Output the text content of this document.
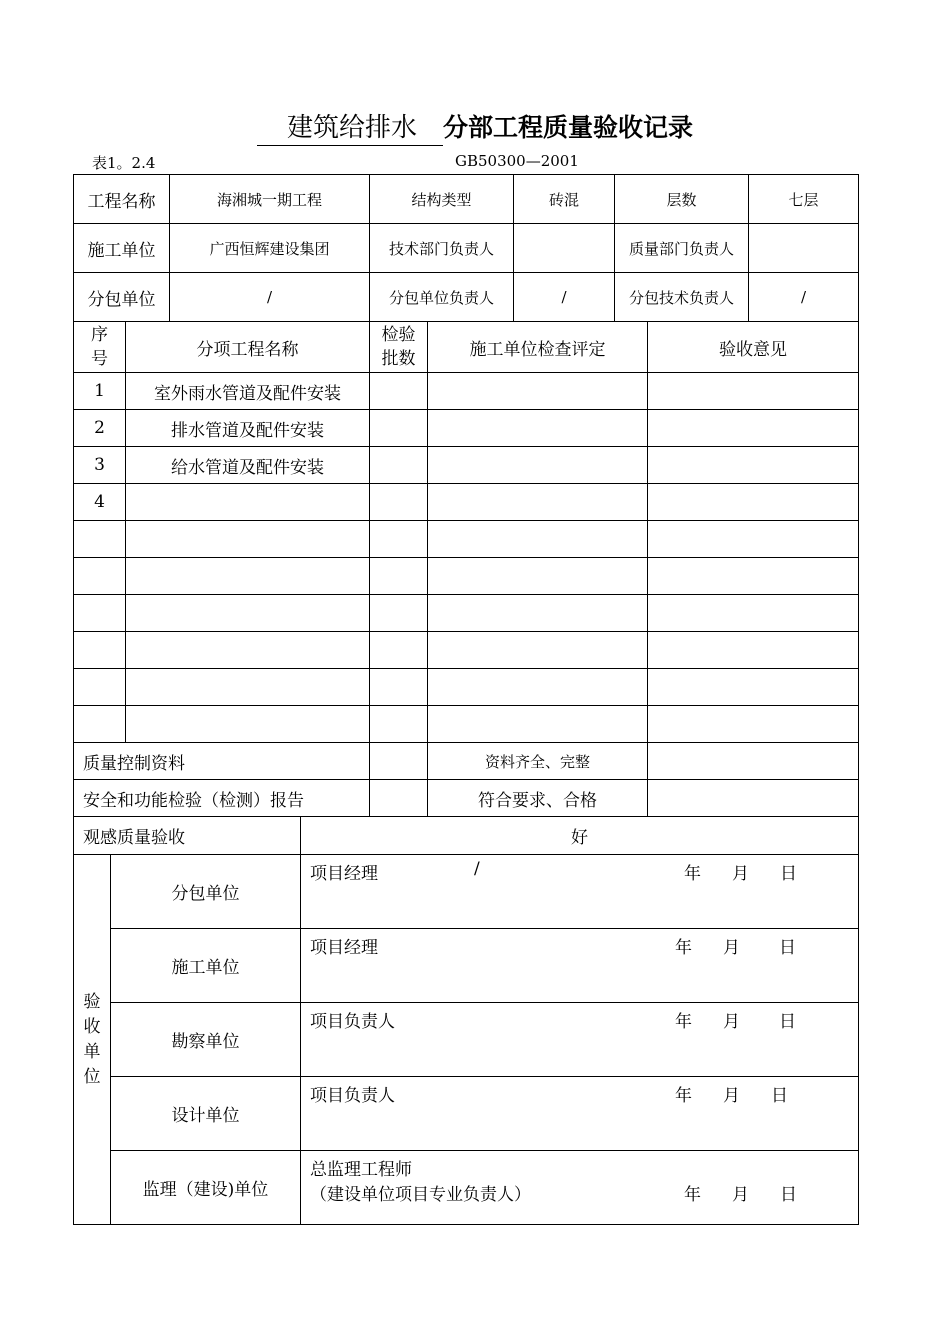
建筑给排水 分部工程质量验收记录
表1。2.4	GB50300—2001
工程名称	海湘城一期工程	结构类型	砖混	层数	七层
施工单位	广西恒辉建设集团	技术部门负责人		质量部门负责人	
分包单位	/	分包单位负责人	/	分包技术负责人	/
序号	分项工程名称	检验批数	施工单位检查评定	验收意见
1	室外雨水管道及配件安装			
2	排水管道及配件安装			
3	给水管道及配件安装			
4				

质量控制资料			资料齐全、完整	
安全和功能检验（检测）报告			符合要求、合格	
观感质量验收		好
验收单位	分包单位	项目经理 / 年 月 日

	施工单位	项目经理 年 月 日

	勘察单位	项目负责人 年 月 日

	设计单位	项目负责人 年 月 日

	监理（建设)单位	总监理工程师
（建设单位项目专业负责人） 年 月 日
